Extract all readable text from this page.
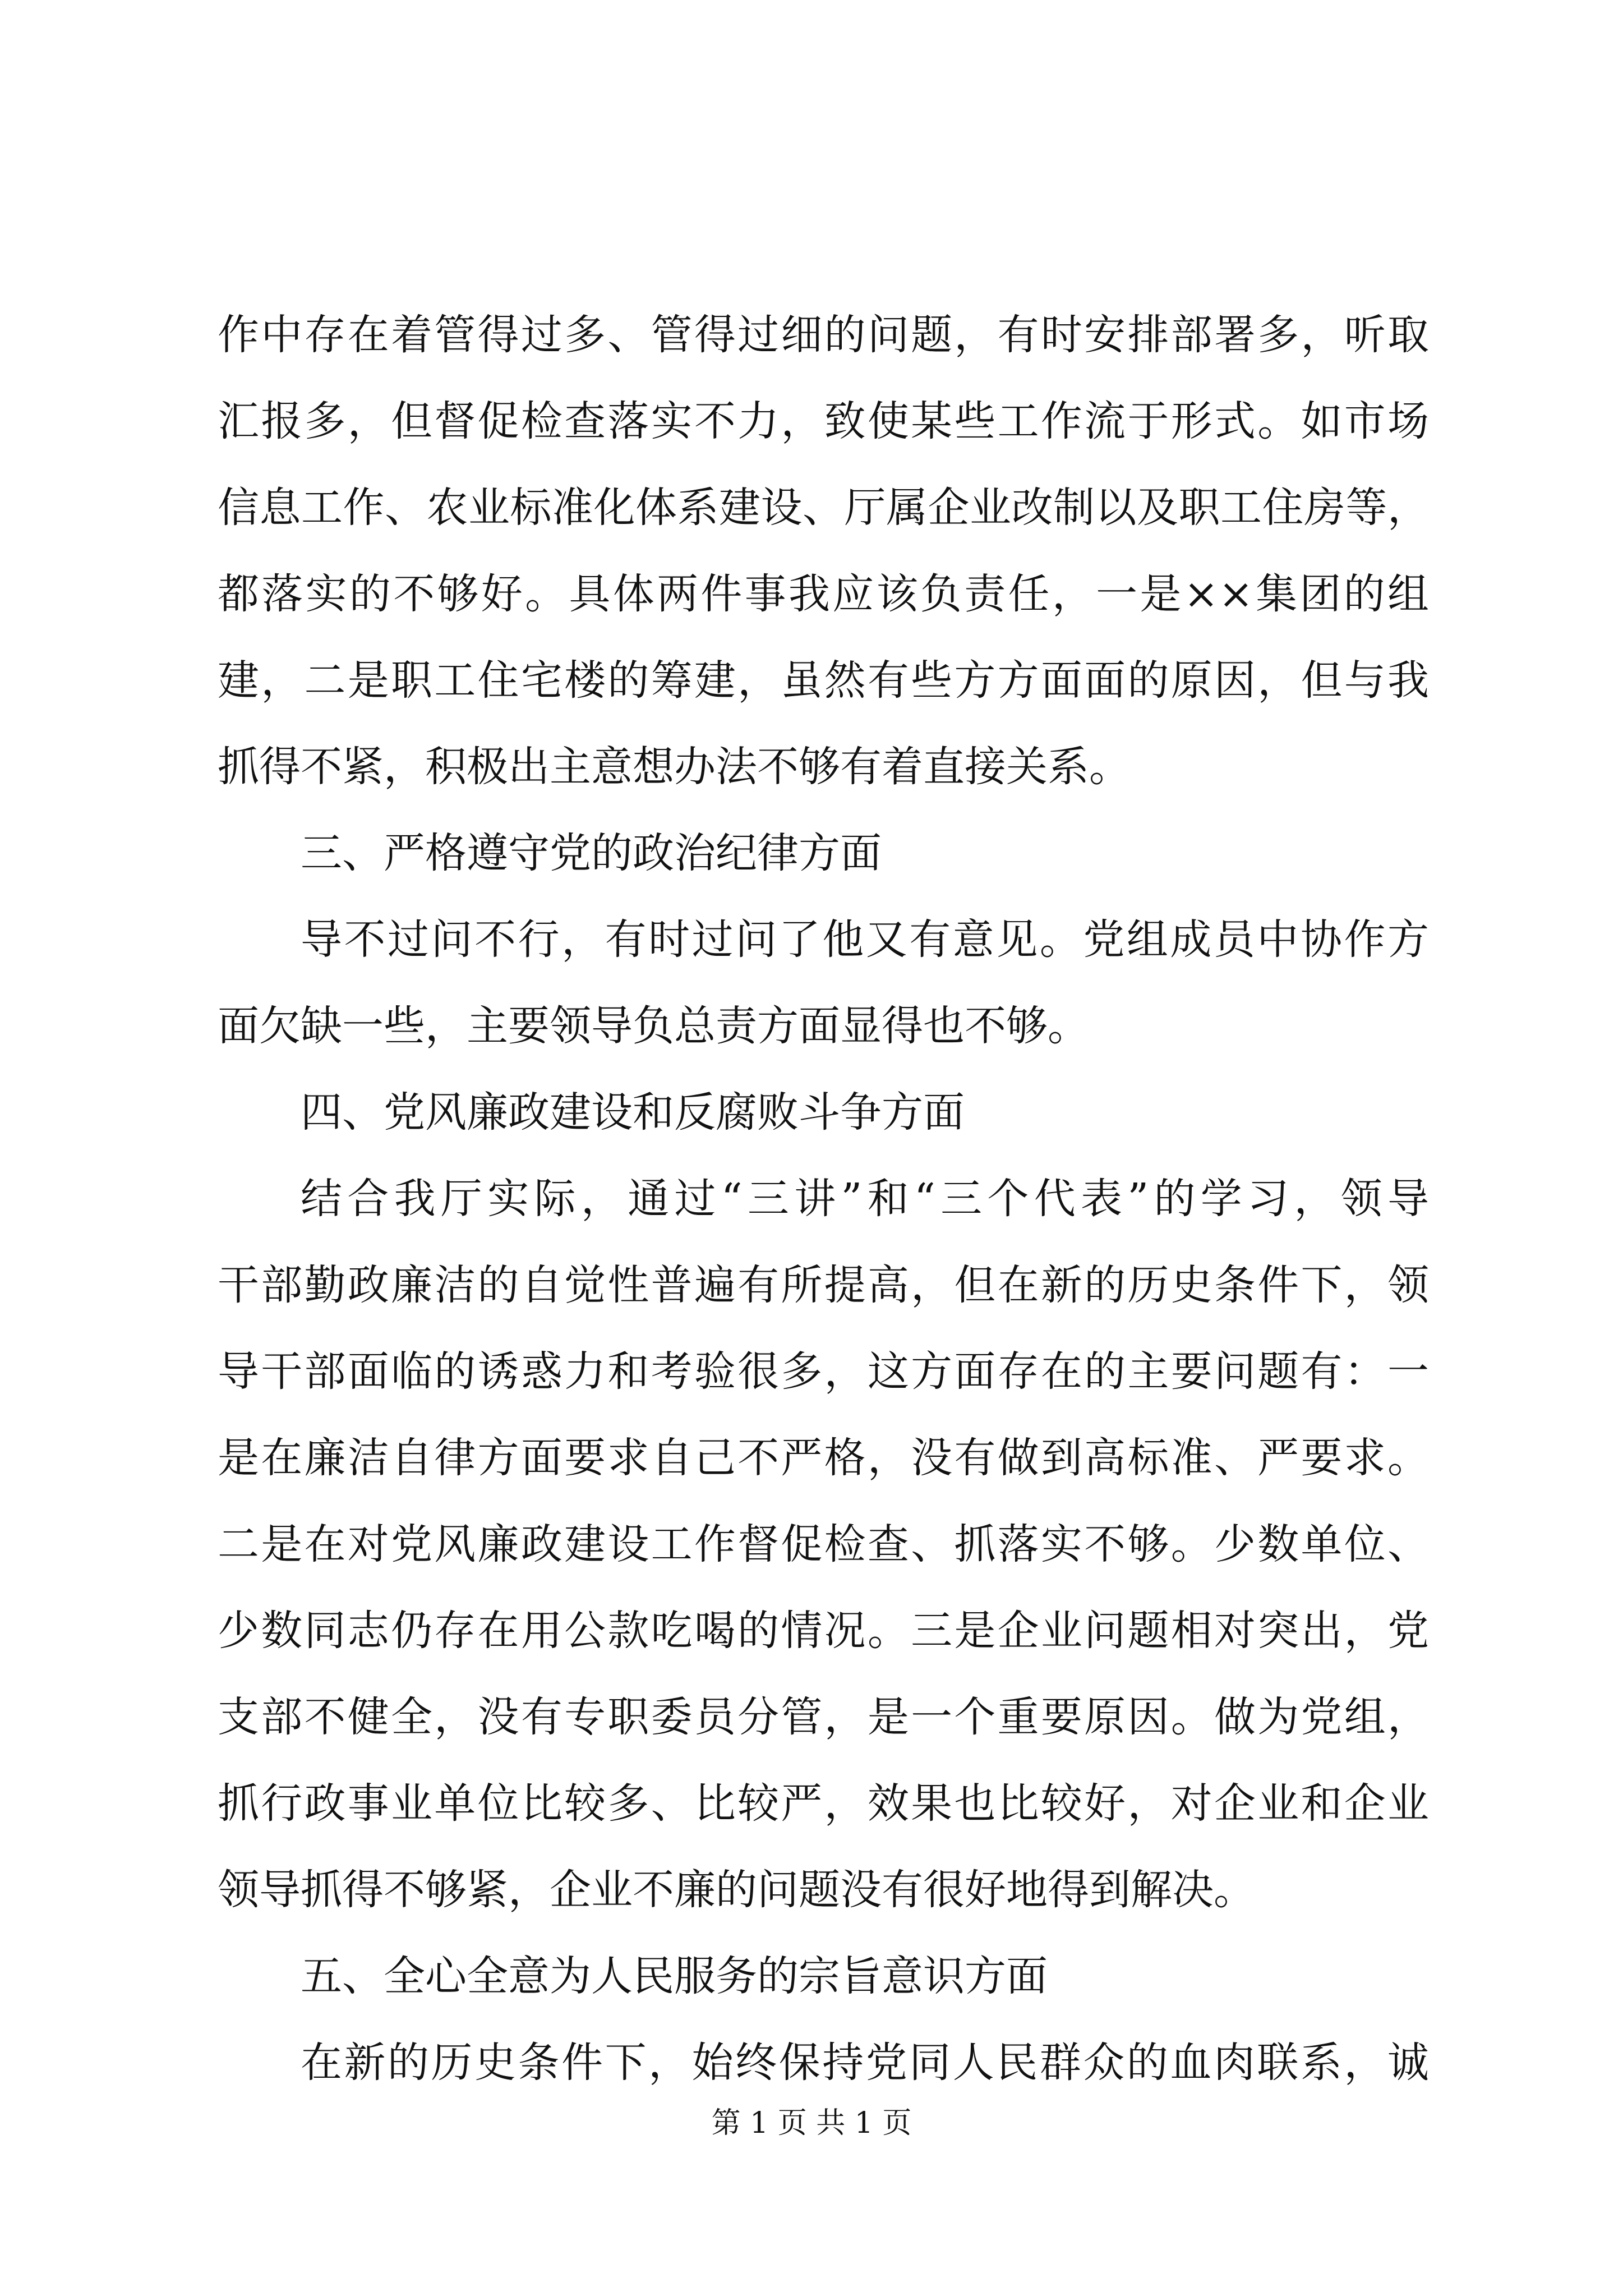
作中存在着管得过多、管得过细的问题，有时安排部署多，听取
汇报多，但督促检查落实不力，致使某些工作流于形式。如市场
信息工作、农业标准化体系建设、厅属企业改制以及职工住房等，
都落实的不够好。具体两件事我应该负责任，一是××集团的组
建，二是职工住宅楼的筹建，虽然有些方方面面的原因，但与我
抓得不紧，积极出主意想办法不够有着直接关系。
三、严格遵守党的政治纪律方面
导不过问不行，有时过问了他又有意见。党组成员中协作方
面欠缺一些，主要领导负总责方面显得也不够。
四、党风廉政建设和反腐败斗争方面
结合我厅实际，通过“三讲”和“三个代表”的学习，领导
干部勤政廉洁的自觉性普遍有所提高，但在新的历史条件下，领
导干部面临的诱惑力和考验很多，这方面存在的主要问题有：一
是在廉洁自律方面要求自己不严格，没有做到高标准、严要求。
二是在对党风廉政建设工作督促检查、抓落实不够。少数单位、
少数同志仍存在用公款吃喝的情况。三是企业问题相对突出，党
支部不健全，没有专职委员分管，是一个重要原因。做为党组，
抓行政事业单位比较多、比较严，效果也比较好，对企业和企业
领导抓得不够紧，企业不廉的问题没有很好地得到解决。
五、全心全意为人民服务的宗旨意识方面
在新的历史条件下，始终保持党同人民群众的血肉联系，诚
第 1 页 共 1 页
